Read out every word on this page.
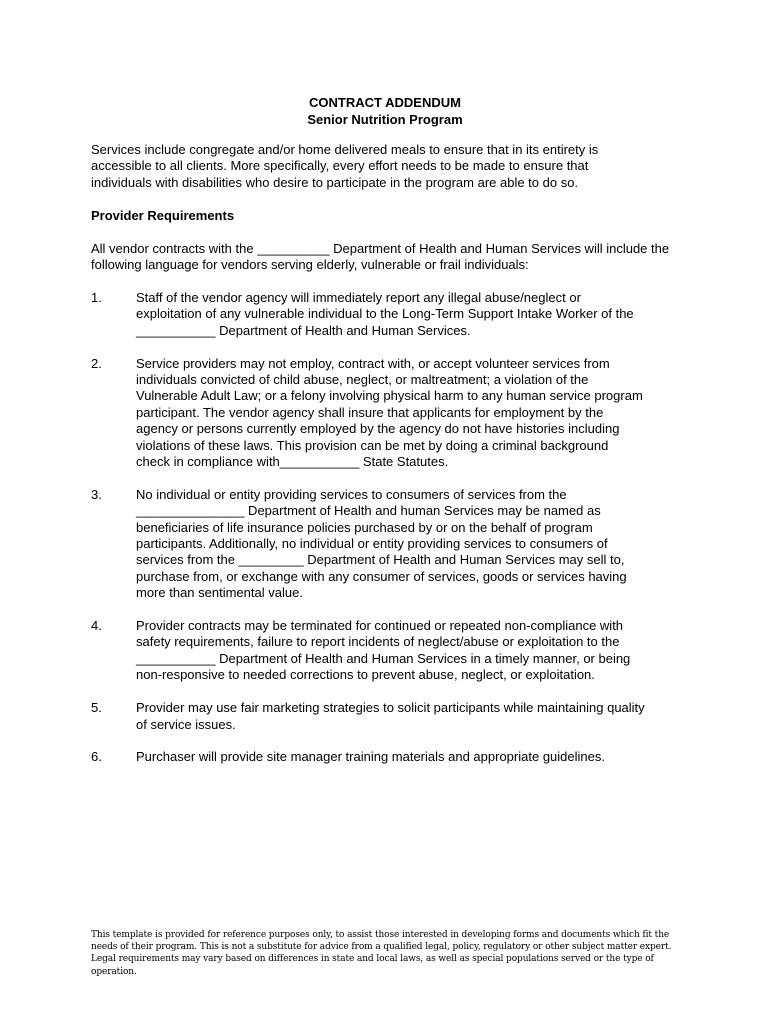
CONTRACT ADDENDUM
Senior Nutrition Program

Services include congregate and/or home delivered meals to ensure that in its entirety is accessible to all clients. More specifically, every effort needs to be made to ensure that individuals with disabilities who desire to participate in the program are able to do so.

Provider Requirements

All vendor contracts with the __________ Department of Health and Human Services will include the following language for vendors serving elderly, vulnerable or frail individuals:

1.	Staff of the vendor agency will immediately report any illegal abuse/neglect or
exploitation of any vulnerable individual to the Long-Term Support Intake Worker of the
___________ Department of Health and Human Services.
2.	Service providers may not employ, contract with, or accept volunteer services from
individuals convicted of child abuse, neglect, or maltreatment; a violation of the
Vulnerable Adult Law; or a felony involving physical harm to any human service program
participant. The vendor agency shall insure that applicants for employment by the
agency or persons currently employed by the agency do not have histories including
violations of these laws. This provision can be met by doing a criminal background
check in compliance with___________ State Statutes.
3.	No individual or entity providing services to consumers of services from the
_______________ Department of Health and human Services may be named as
beneficiaries of life insurance policies purchased by or on the behalf of program
participants. Additionally, no individual or entity providing services to consumers of
services from the _________ Department of Health and Human Services may sell to,
purchase from, or exchange with any consumer of services, goods or services having
more than sentimental value.
4.	Provider contracts may be terminated for continued or repeated non-compliance with
safety requirements, failure to report incidents of neglect/abuse or exploitation to the
___________ Department of Health and Human Services in a timely manner, or being
non-responsive to needed corrections to prevent abuse, neglect, or exploitation.
5.	Provider may use fair marketing strategies to solicit participants while maintaining quality
of service issues.
6.	Purchaser will provide site manager training materials and appropriate guidelines.

This template is provided for reference purposes only, to assist those interested in developing forms and documents which fit the needs of their program. This is not a substitute for advice from a qualified legal, policy, regulatory or other subject matter expert. Legal requirements may vary based on differences in state and local laws, as well as special populations served or the type of operation.
